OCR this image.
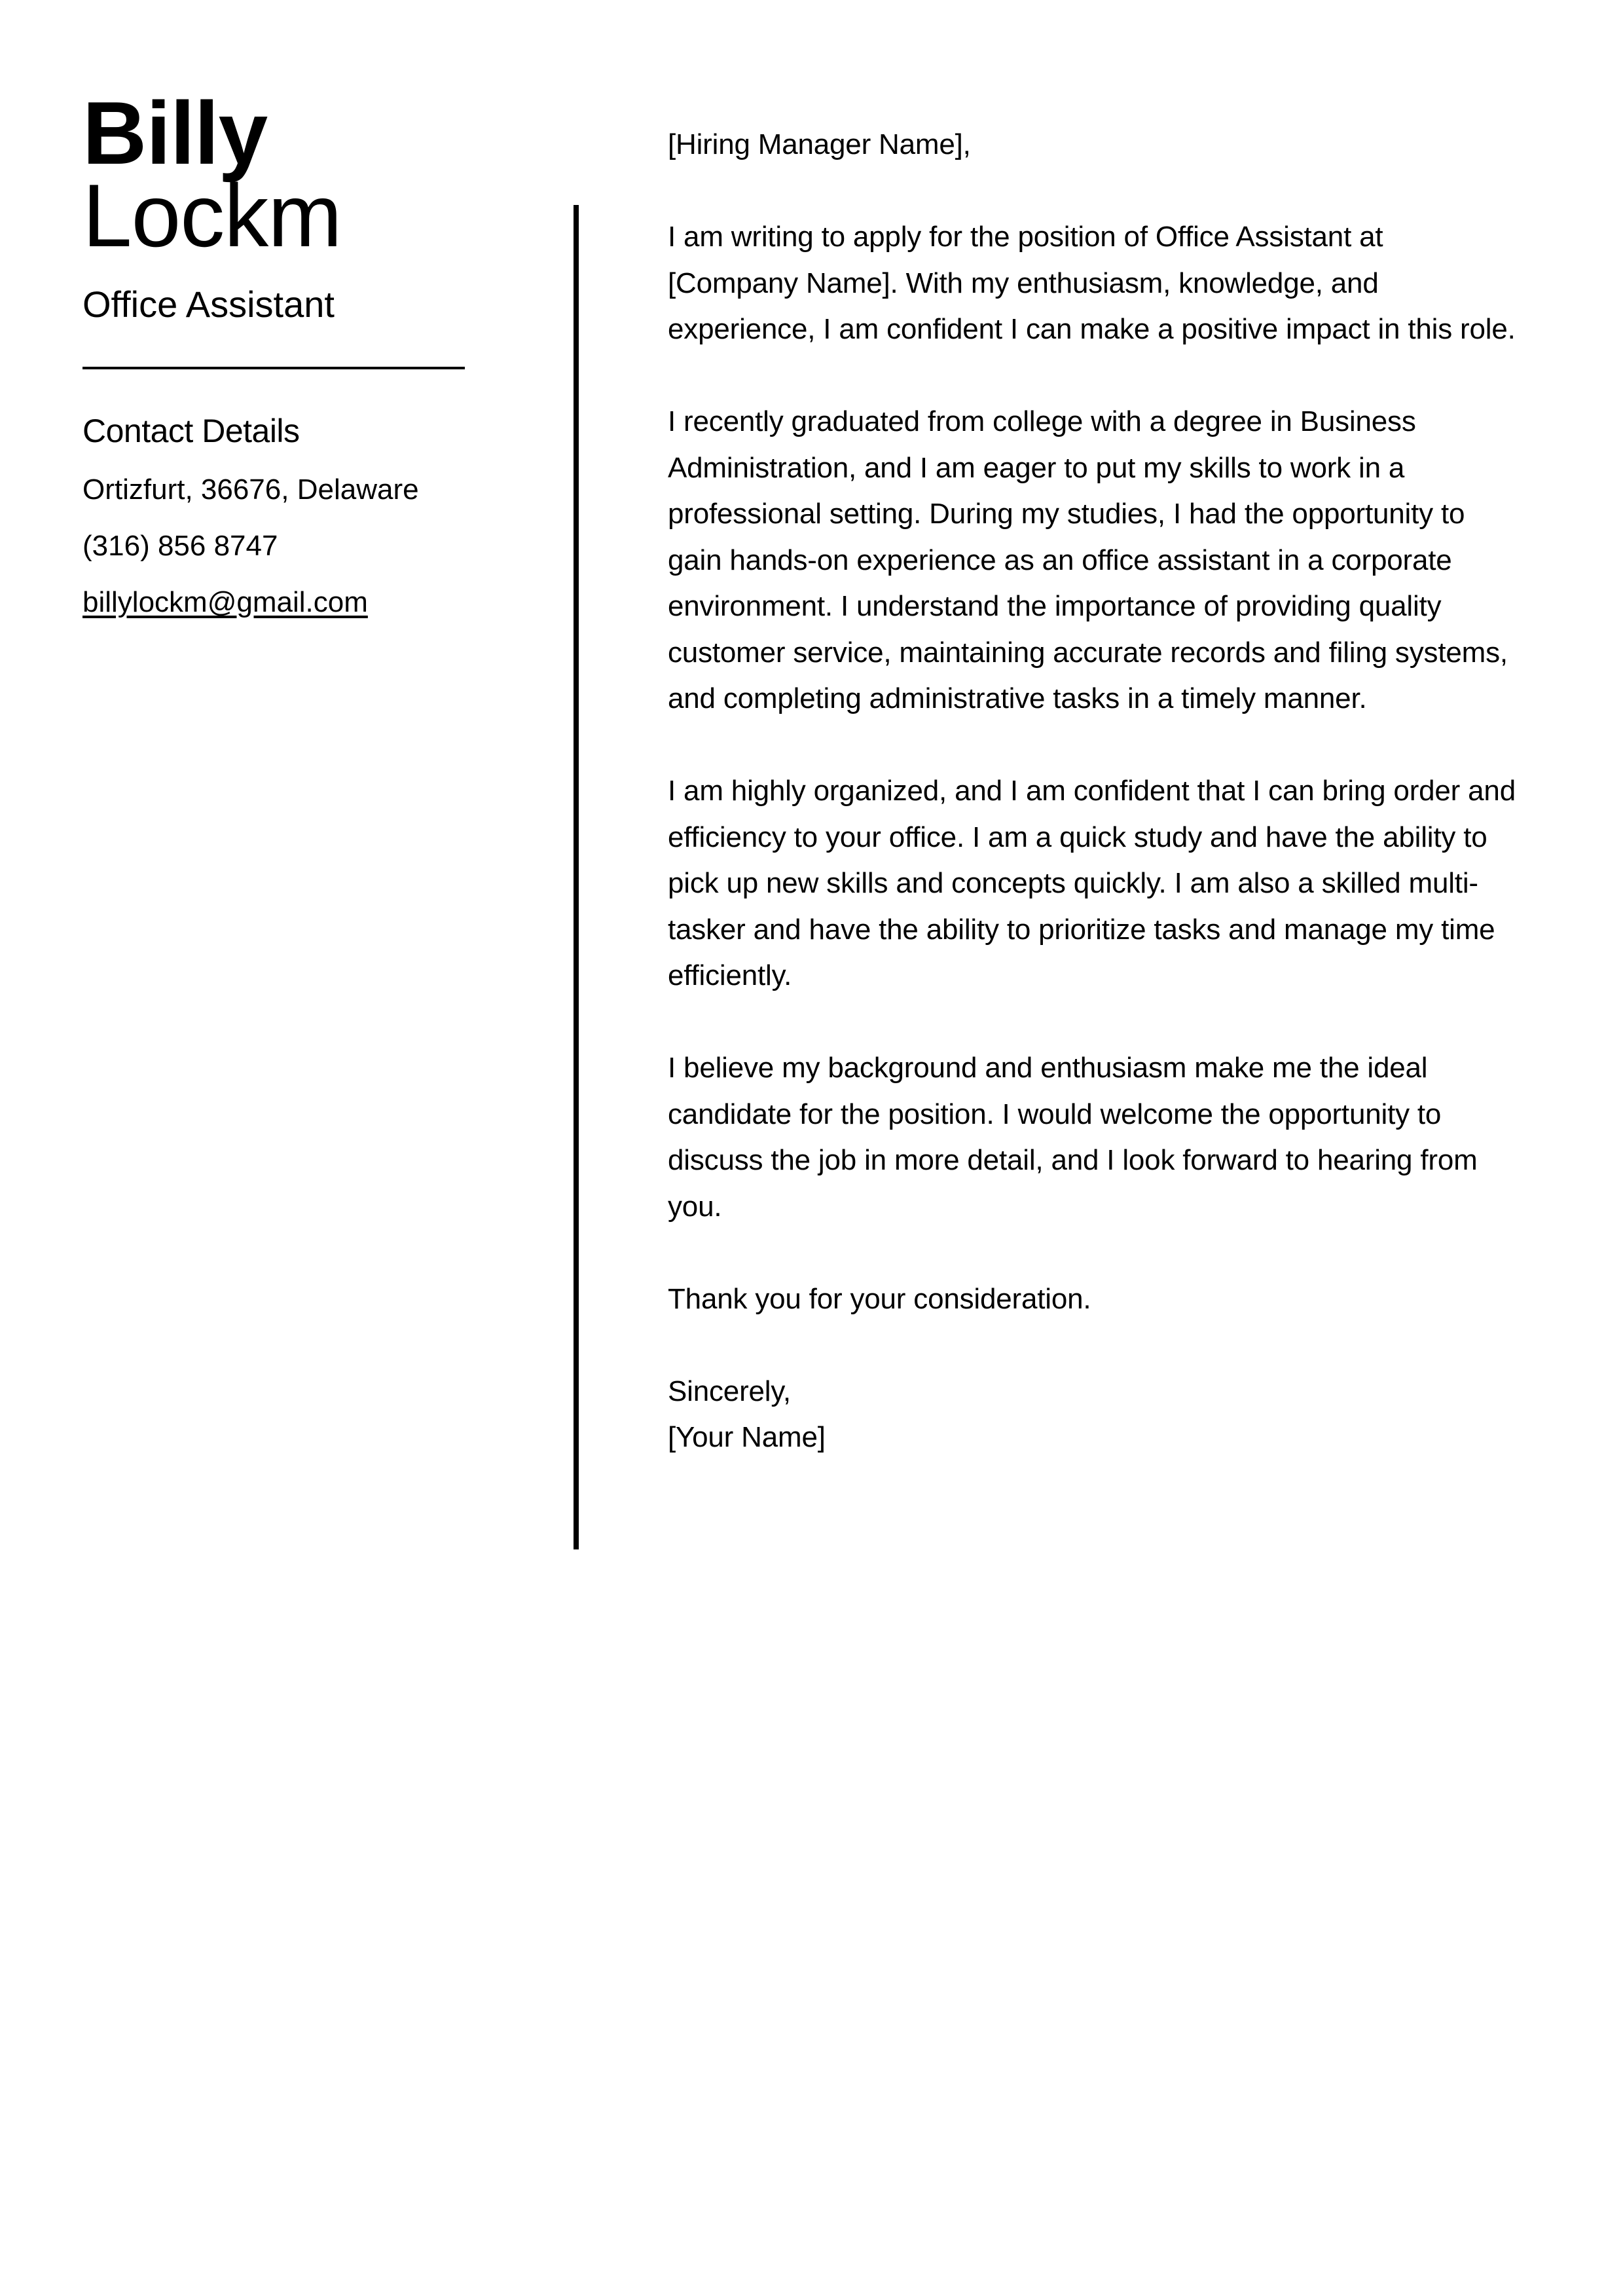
Billy
Lockm
Office Assistant
Contact Details
Ortizfurt, 36676, Delaware
(316) 856 8747
billylockm@gmail.com

[Hiring Manager Name],

I am writing to apply for the position of Office Assistant at [Company Name]. With my enthusiasm, knowledge, and experience, I am confident I can make a positive impact in this role.

I recently graduated from college with a degree in Business Administration, and I am eager to put my skills to work in a professional setting. During my studies, I had the opportunity to gain hands-on experience as an office assistant in a corporate environment. I understand the importance of providing quality customer service, maintaining accurate records and filing systems, and completing administrative tasks in a timely manner.

I am highly organized, and I am confident that I can bring order and efficiency to your office. I am a quick study and have the ability to pick up new skills and concepts quickly. I am also a skilled multi-tasker and have the ability to prioritize tasks and manage my time efficiently.

I believe my background and enthusiasm make me the ideal candidate for the position. I would welcome the opportunity to discuss the job in more detail, and I look forward to hearing from you.

Thank you for your consideration.

Sincerely,

[Your Name]
